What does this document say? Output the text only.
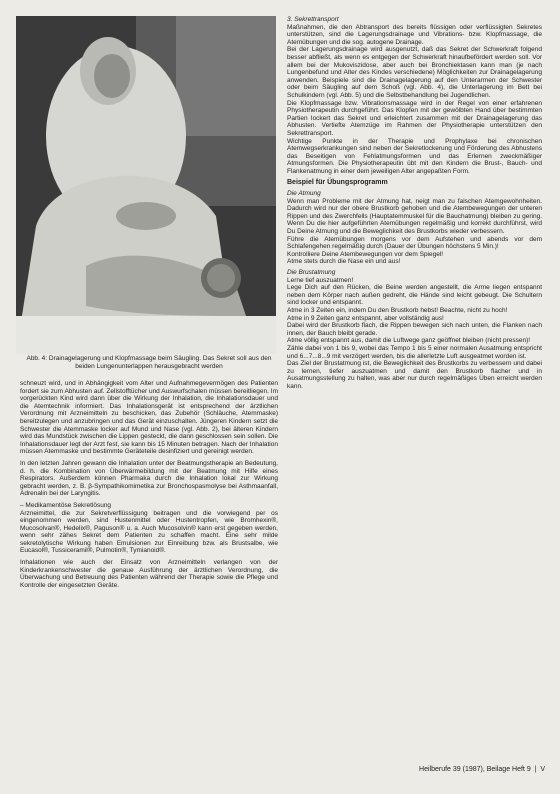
Abb. 4: Drainagelagerung und Klopfmassage beim Säugling. Das Sekret soll aus den beiden Lungenunterlappen herausgebracht werden

schneuzt wird, und in Abhängigkeit vom Alter und Aufnahmegevermögen des Patienten fordert sie zum Abhusten auf. Zellstofftücher und Auswurfschalen müssen bereitliegen. Im vorgerückten Kind wird dann über die Wirkung der Inhalation, die Inhalationsdauer und die Atemtechnik informiert. Das Inhalationsgerät ist entsprechend der ärztlichen Verordnung mit Arzneimitteln zu beschicken, das Zubehör (Schläuche, Atemmaske) bereitzulegen und anzubringen und das Gerät einzuschalten. Jüngeren Kindern setzt die Schwester die Atemmaske locker auf Mund und Nase (vgl. Abb. 2), bei älteren Kindern wird das Mundstück zwischen die Lippen gesteckt, die dann geschlossen sein sollen. Die Inhalationsdauer legt der Arzt fest, sie kann bis 15 Minuten betragen. Nach der Inhalation müssen Atemmaske und bestimmte Geräteteile desinfiziert und gereinigt werden.

In den letzten Jahren gewann die Inhalation unter der Beatmungstherapie an Bedeutung, d. h. die Kombination von Überwärmebildung mit der Beatmung mit Hilfe eines Respirators. Außerdem können Pharmaka durch die Inhalation lokal zur Wirkung gebracht werden, z. B. β-Sympathikomimetika zur Bronchospasmolyse bei Asthmaanfall, Adrenalin bei der Laryngitis.

– Medikamentöse Sekretlösung

Arzneimittel, die zur Sekretverflüssigung beitragen und die vorwiegend per os eingenommen werden, sind Hustenmittel oder Hustentropfen, wie Bromhexin®, Mucosolvan®, Hedelix®, Paguson® u. a. Auch Mucosolvin® kann erst gegeben werden, wenn sehr zähes Sekret dem Patienten zu schaffen macht. Eine sehr milde sekretolytische Wirkung haben Emulsionen zur Einreibung bzw. als Brustsalbe, wie Eucasol®, Tussiceramil®, Pulmotin®, Tymianoid®.

Inhalationen wie auch der Einsatz von Arzneimitteln verlangen von der Kinderkrankenschwester die genaue Ausführung der ärztlichen Verordnung, die Überwachung und Betreuung des Patienten während der Therapie sowie die Pflege und Kontrolle der eingesetzten Geräte.

3. Sekrettransport

Maßnahmen, die den Abtransport des bereits flüssigen oder verflüssigten Sekretes unterstützen, sind die Lagerungsdrainage und Vibrations- bzw. Klopfmassage, die Atemübungen und die sog. autogene Drainage.

Bei der Lagerungsdrainage wird ausgenutzt, daß das Sekret der Schwerkraft folgend besser abfließt, als wenn es entgegen der Schwerkraft hinaufbefördert werden soll. Vor allem bei der Mukoviszidose, aber auch bei Bronchiektasen kann man (je nach Lungenbefund und Alter des Kindes verschiedene) Möglichkeiten zur Drainagelagerung anwenden. Beispiele sind die Drainagelagerung auf den Unterarmen der Schwester oder beim Säugling auf dem Schoß (vgl. Abb. 4), die Unterlagerung im Bett bei Schulkindern (vgl. Abb. 5) und die Selbstbehandlung bei Jugendlichen.

Die Klopfmassage bzw. Vibrationsmassage wird in der Regel von einer erfahrenen Physiotherapeutin durchgeführt. Das Klopfen mit der gewölbten Hand über bestimmten Partien lockert das Sekret und erleichtert zusammen mit der Drainagelagerung das Abhusten. Vertiefte Atemzüge im Rahmen der Physiotherapie unterstützen den Sekrettransport.

Wichtige Punkte in der Therapie und Prophylaxe bei chronischen Atemwegserkrankungen sind neben der Sekretlockerung und Förderung des Abhustens das Beseitigen von Fehlatmungsformen und das Erlernen zweckmäßiger Atmungsformen. Die Physiotherapeutin übt mit den Kindern die Brust-, Bauch- und Flankenatmung in einer dem jeweiligen Alter angepaßten Form.

Beispiel für Übungsprogramm

Die Atmung

Wenn man Probleme mit der Atmung hat, neigt man zu falschen Atemgewohnheiten. Dadurch wird nur der obere Brustkorb gehoben und die Atembewegungen der unteren Rippen und des Zwerchfells (Hauptatemmuskel für die Bauchatmung) bleiben zu gering. Wenn Du die hier aufgeführten Atemübungen regelmäßig und korrekt durchführst, wird Du Deine Atmung und die Beweglichkeit des Brustkorbs wieder verbessern.

Führe die Atemübungen morgens vor dem Aufstehen und abends vor dem Schlafengehen regelmäßig durch (Dauer der Übungen höchstens 5 Min.)!

Kontrolliere Deine Atembewegungen vor dem Spiegel!

Atme stets durch die Nase ein und aus!

Die Brustatmung

Lerne tief auszuatmen!

Lege Dich auf den Rücken, die Beine werden angestellt, die Arme liegen entspannt neben dem Körper nach außen gedreht, die Hände sind leicht gebeugt. Die Schultern sind locker und entspannt.

Atme in 3 Zeiten ein, indem Du den Brustkorb hebst! Beachte, nicht zu hoch!

Atme in 9 Zeiten ganz entspannt, aber vollständig aus!

Dabei wird der Brustkorb flach, die Rippen bewegen sich nach unten, die Flanken nach innen, der Bauch bleibt gerade.

Atme völlig entspannt aus, damit die Luftwege ganz geöffnet bleiben (nicht pressen)!

Zähle dabei von 1 bis 9, wobei das Tempo 1 bis 5 einer normalen Ausatmung entspricht und 6...7...8...9 mit verzögert werden, bis die allerletzte Luft ausgeatmet worden ist.

Das Ziel der Brustatmung ist, die Beweglichkeit des Brustkorbs zu verbessern und dabei zu lernen, tiefer auszuatmen und damit den Brustkorb flacher und in Ausatmungsstellung zu halten, was aber nur durch regelmäßiges Üben erreicht werden kann.

Heilberufe 39 (1987), Beilage Heft 9  |  V
